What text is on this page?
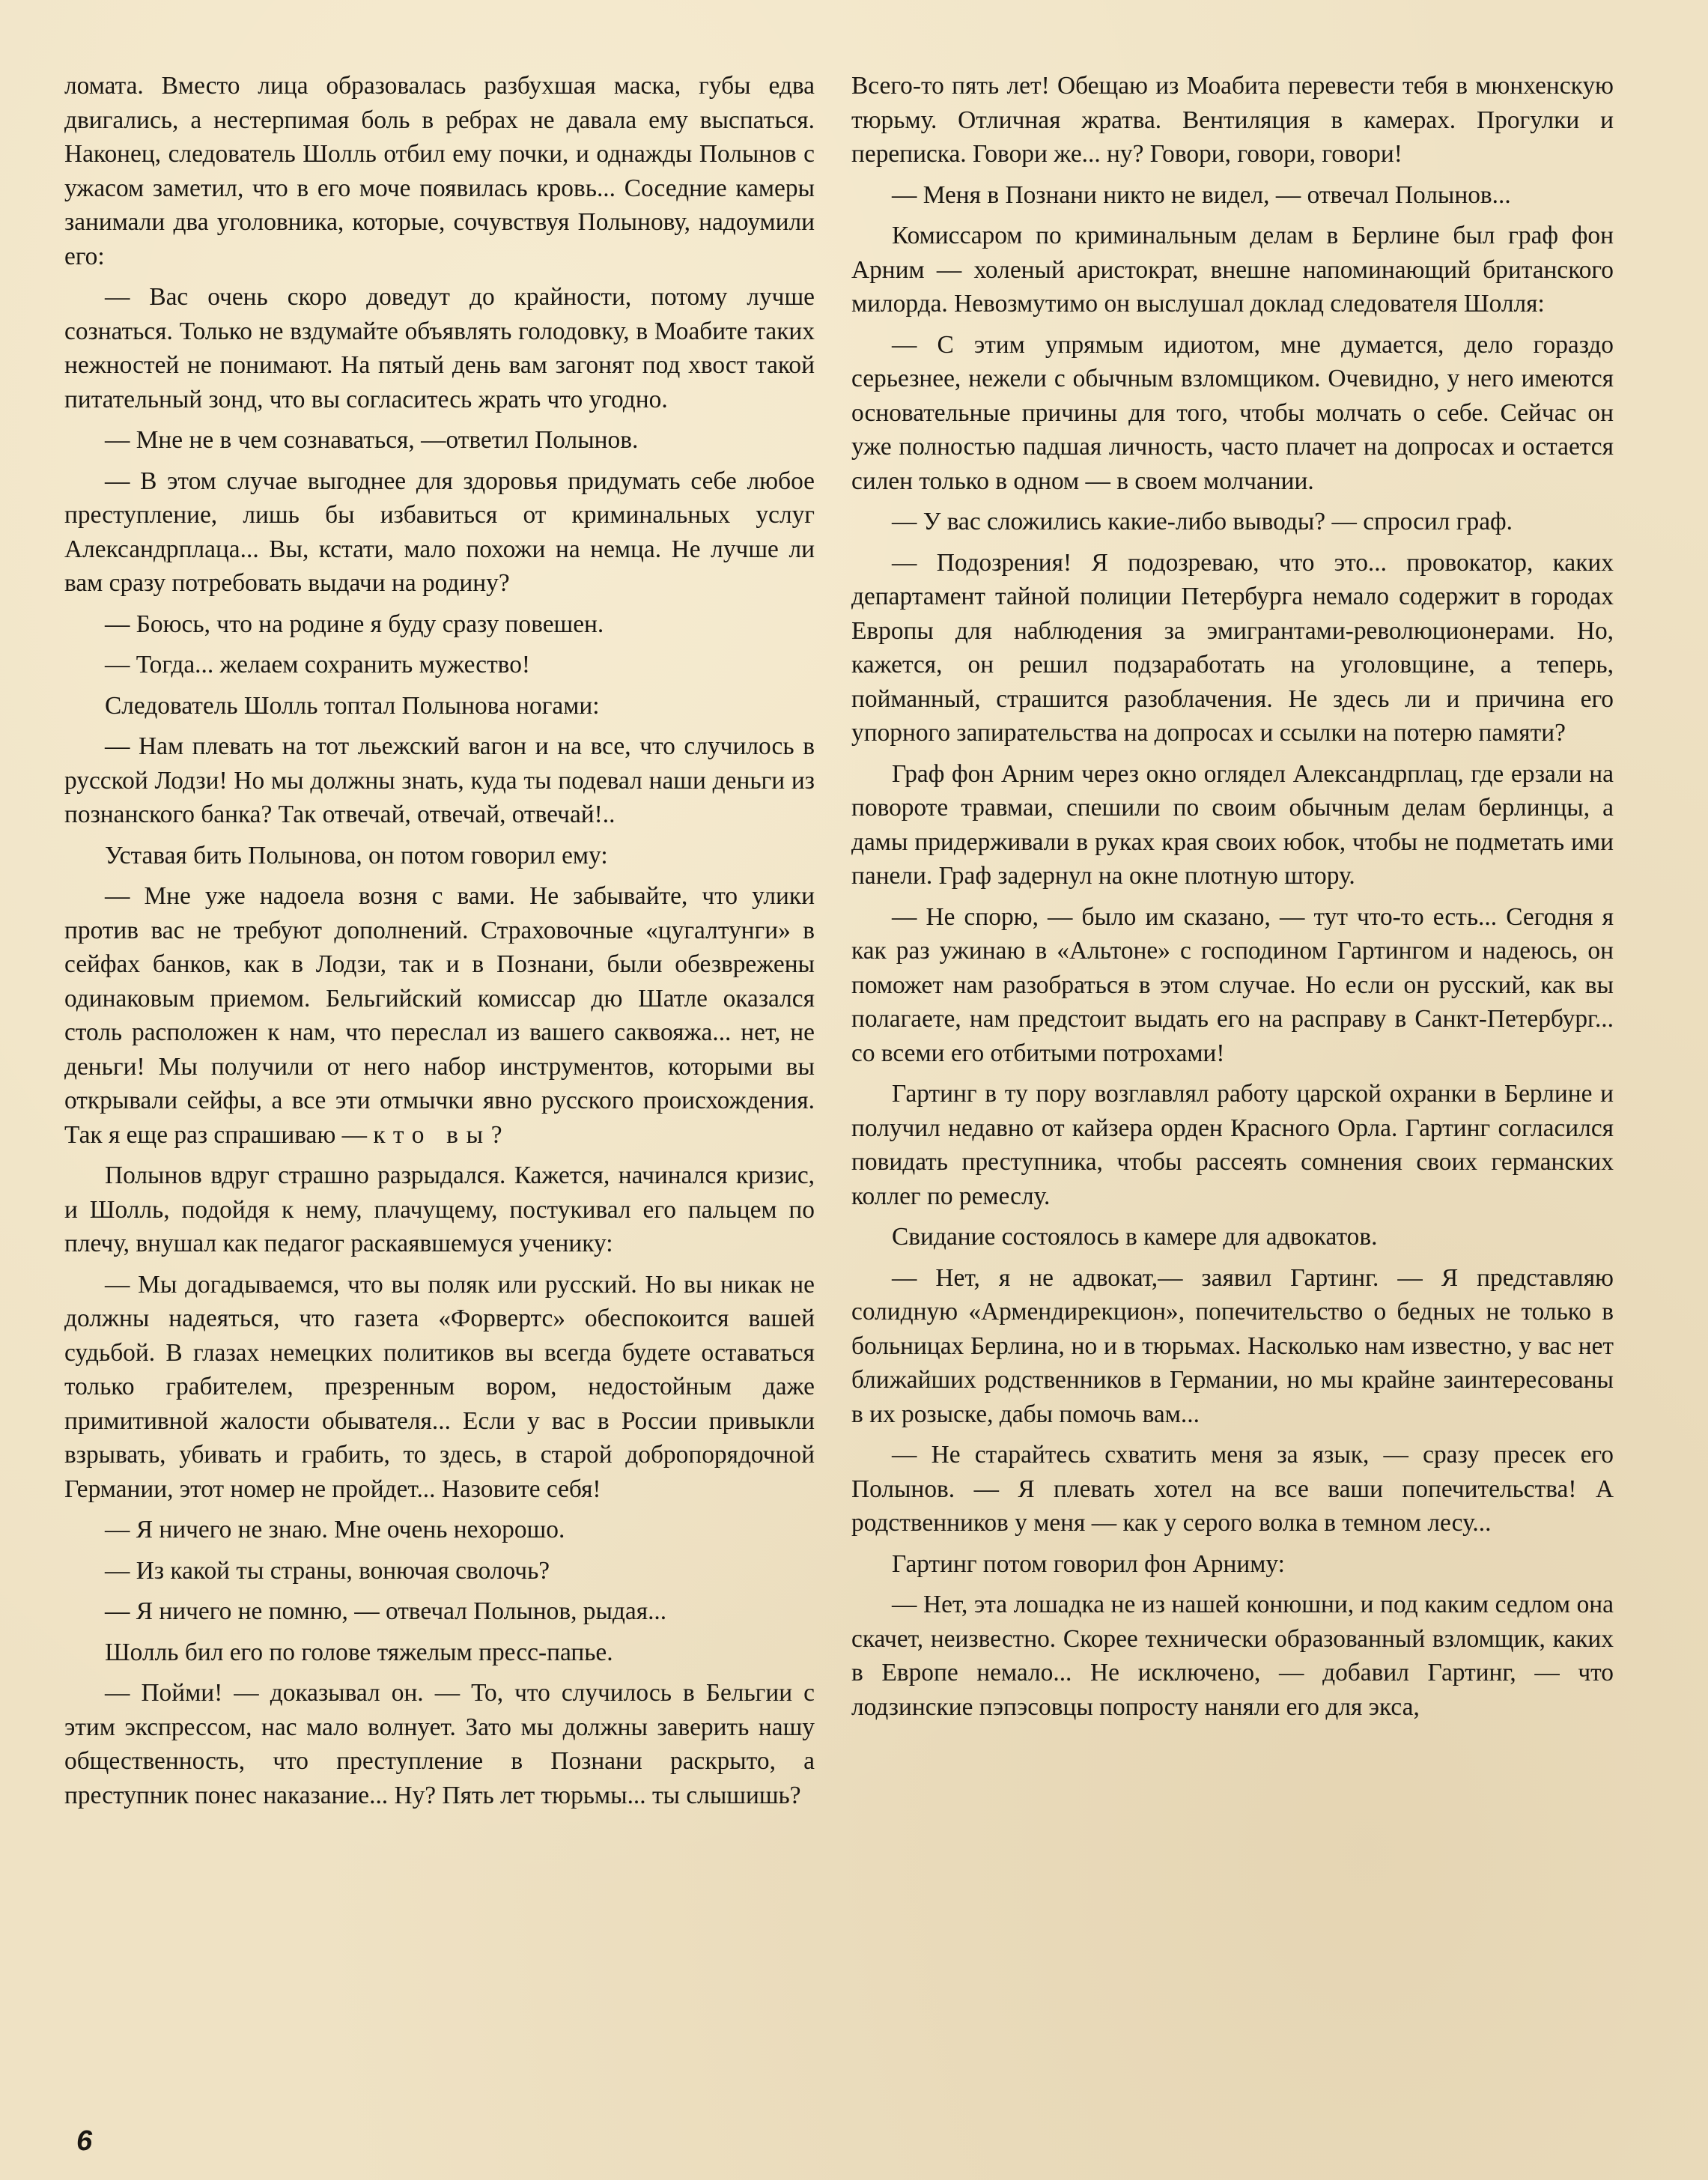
ломата. Вместо лица образовалась разбухшая маска, губы едва двигались, а нестерпимая боль в ребрах не давала ему выспаться. Наконец, следователь Шолль отбил ему почки, и однажды Полынов с ужасом заметил, что в его моче появилась кровь... Соседние камеры занимали два уголовника, которые, сочувствуя Полынову, надоумили его:

— Вас очень скоро доведут до крайности, потому лучше сознаться. Только не вздумайте объявлять голодовку, в Моабите таких нежностей не понимают. На пятый день вам загонят под хвост такой питательный зонд, что вы согласитесь жрать что угодно.

— Мне не в чем сознаваться, —ответил Полынов.

— В этом случае выгоднее для здоровья придумать себе любое преступление, лишь бы избавиться от криминальных услуг Александрплаца... Вы, кстати, мало похожи на немца. Не лучше ли вам сразу потребовать выдачи на родину?

— Боюсь, что на родине я буду сразу повешен.

— Тогда... желаем сохранить мужество!

Следователь Шолль топтал Полынова ногами:

— Нам плевать на тот льежский вагон и на все, что случилось в русской Лодзи! Но мы должны знать, куда ты подевал наши деньги из познанского банка? Так отвечай, отвечай, отвечай!..

Уставая бить Полынова, он потом говорил ему:

— Мне уже надоела возня с вами. Не забывайте, что улики против вас не требуют дополнений. Страховочные «цугалтунги» в сейфах банков, как в Лодзи, так и в Познани, были обезврежены одинаковым приемом. Бельгийский комиссар дю Шатле оказался столь расположен к нам, что переслал из вашего саквояжа... нет, не деньги! Мы получили от него набор инструментов, которыми вы открывали сейфы, а все эти отмычки явно русского происхождения. Так я еще раз спрашиваю — кто вы?

Полынов вдруг страшно разрыдался. Кажется, начинался кризис, и Шолль, подойдя к нему, плачущему, постукивал его пальцем по плечу, внушал как педагог раскаявшемуся ученику:

— Мы догадываемся, что вы поляк или русский. Но вы никак не должны надеяться, что газета «Форвертс» обеспокоится вашей судьбой. В глазах немецких политиков вы всегда будете оставаться только грабителем, презренным вором, недостойным даже примитивной жалости обывателя... Если у вас в России привыкли взрывать, убивать и грабить, то здесь, в старой добропорядочной Германии, этот номер не пройдет... Назовите себя!

— Я ничего не знаю. Мне очень нехорошо.

— Из какой ты страны, вонючая сволочь?

— Я ничего не помню, — отвечал Полынов, рыдая...

Шолль бил его по голове тяжелым пресс-папье.

— Пойми! — доказывал он. — То, что случилось в Бельгии с этим экспрессом, нас мало волнует. Зато мы должны заверить нашу общественность, что преступление в Познани раскрыто, а преступник понес наказание... Ну? Пять лет тюрьмы... ты слышишь?

Всего-то пять лет! Обещаю из Моабита перевести тебя в мюнхенскую тюрьму. Отличная жратва. Вентиляция в камерах. Прогулки и переписка. Говори же... ну? Говори, говори, говори!

— Меня в Познани никто не видел, — отвечал Полынов...

Комиссаром по криминальным делам в Берлине был граф фон Арним — холеный аристократ, внешне напоминающий британского милорда. Невозмутимо он выслушал доклад следователя Шолля:

— С этим упрямым идиотом, мне думается, дело гораздо серьезнее, нежели с обычным взломщиком. Очевидно, у него имеются основательные причины для того, чтобы молчать о себе. Сейчас он уже полностью падшая личность, часто плачет на допросах и остается силен только в одном — в своем молчании.

— У вас сложились какие-либо выводы? — спросил граф.

— Подозрения! Я подозреваю, что это... провокатор, каких департамент тайной полиции Петербурга немало содержит в городах Европы для наблюдения за эмигрантами-революционерами. Но, кажется, он решил подзаработать на уголовщине, а теперь, пойманный, страшится разоблачения. Не здесь ли и причина его упорного запирательства на допросах и ссылки на потерю памяти?

Граф фон Арним через окно оглядел Александрплац, где ерзали на повороте травмаи, спешили по своим обычным делам берлинцы, а дамы придерживали в руках края своих юбок, чтобы не подметать ими панели. Граф задернул на окне плотную штору.

— Не спорю, — было им сказано, — тут что-то есть... Сегодня я как раз ужинаю в «Альтоне» с господином Гартингом и надеюсь, он поможет нам разобраться в этом случае. Но если он русский, как вы полагаете, нам предстоит выдать его на расправу в Санкт-Петербург... со всеми его отбитыми потрохами!

Гартинг в ту пору возглавлял работу царской охранки в Берлине и получил недавно от кайзера орден Красного Орла. Гартинг согласился повидать преступника, чтобы рассеять сомнения своих германских коллег по ремеслу.

Свидание состоялось в камере для адвокатов.

— Нет, я не адвокат,— заявил Гартинг. — Я представляю солидную «Армендирекцион», попечительство о бедных не только в больницах Берлина, но и в тюрьмах. Насколько нам известно, у вас нет ближайших родственников в Германии, но мы крайне заинтересованы в их розыске, дабы помочь вам...

— Не старайтесь схватить меня за язык, — сразу пресек его Полынов. — Я плевать хотел на все ваши попечительства! А родственников у меня — как у серого волка в темном лесу...

Гартинг потом говорил фон Арниму:

— Нет, эта лошадка не из нашей конюшни, и под каким седлом она скачет, неизвестно. Скорее технически образованный взломщик, каких в Европе немало... Не исключено, — добавил Гартинг, — что лодзинские пэпэсовцы попросту наняли его для экса,

6
